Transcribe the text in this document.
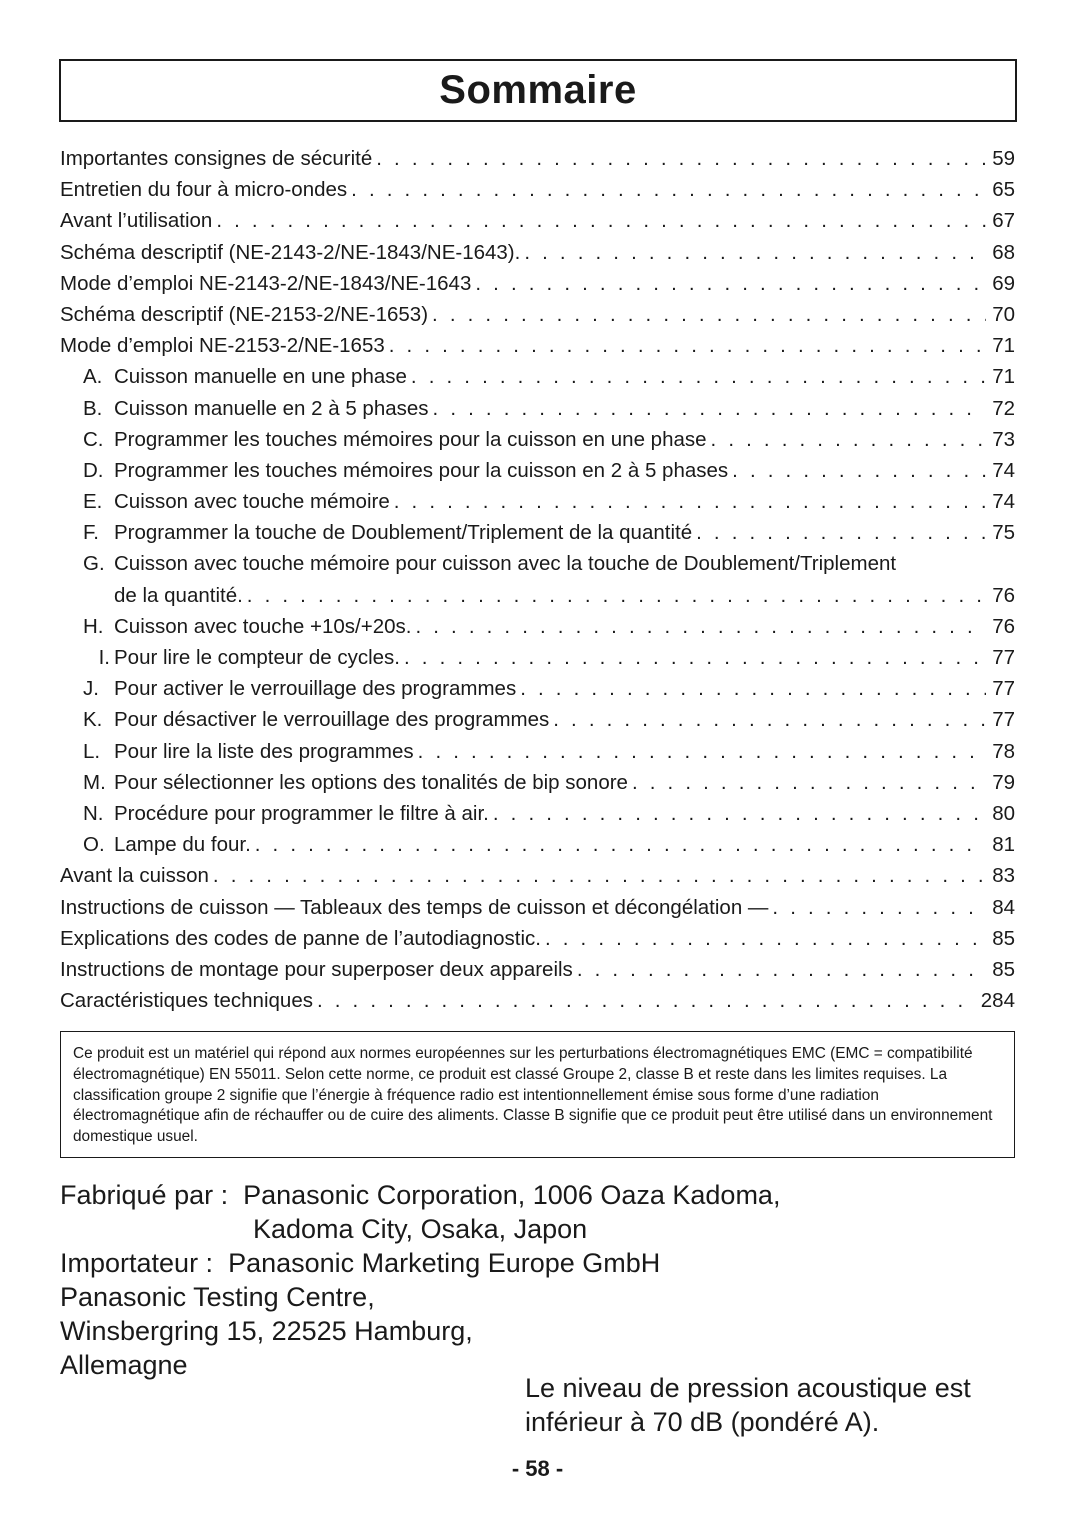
Sommaire
Importantes consignes de sécurité . . .	59
Entretien du four à micro-ondes . . .	65
Avant l’utilisation . . .	67
Schéma descriptif (NE-2143-2/NE-1843/NE-1643). . . .	68
Mode d’emploi NE-2143-2/NE-1843/NE-1643 . . .	69
Schéma descriptif (NE-2153-2/NE-1653) . . .	70
Mode d’emploi NE-2153-2/NE-1653 . . .	71
A. Cuisson manuelle en une phase . . .	71
B. Cuisson manuelle en 2 à 5 phases . . .	72
C. Programmer les touches mémoires pour la cuisson en une phase . . .	73
D. Programmer les touches mémoires pour la cuisson en 2 à 5 phases . . .	74
E. Cuisson avec touche mémoire . . .	74
F. Programmer la touche de Doublement/Triplement de la quantité . . .	75
G. Cuisson avec touche mémoire pour cuisson avec la touche de Doublement/Triplement
de la quantité. . . .	76
H. Cuisson avec touche +10s/+20s. . . .	76
I. Pour lire le compteur de cycles. . . .	77
J. Pour activer le verrouillage des programmes . . .	77
K. Pour désactiver le verrouillage des programmes . . .	77
L. Pour lire la liste des programmes . . .	78
M. Pour sélectionner les options des tonalités de bip sonore . . .	79
N. Procédure pour programmer le filtre à air. . . .	80
O. Lampe du four. . . .	81
Avant la cuisson . . .	83
Instructions de cuisson — Tableaux des temps de cuisson et décongélation — . . .	84
Explications des codes de panne de l’autodiagnostic. . . .	85
Instructions de montage pour superposer deux appareils . . .	85
Caractéristiques techniques . . .	284
Ce produit est un matériel qui répond aux normes européennes sur les perturbations électromagnétiques EMC (EMC = compatibilité électromagnétique) EN 55011. Selon cette norme, ce produit est classé Groupe 2, classe B et reste dans les limites requises. La classification groupe 2 signifie que l’énergie à fréquence radio est intentionnellement émise sous forme d’une radiation électromagnétique afin de réchauffer ou de cuire des aliments. Classe B signifie que ce produit peut être utilisé dans un environnement domestique usuel.
Fabriqué par : Panasonic Corporation, 1006 Oaza Kadoma,
Kadoma City, Osaka, Japon
Importateur : Panasonic Marketing Europe GmbH
Panasonic Testing Centre,
Winsbergring 15, 22525 Hamburg,
Allemagne
Le niveau de pression acoustique est
inférieur à 70 dB (pondéré A).
- 58 -
